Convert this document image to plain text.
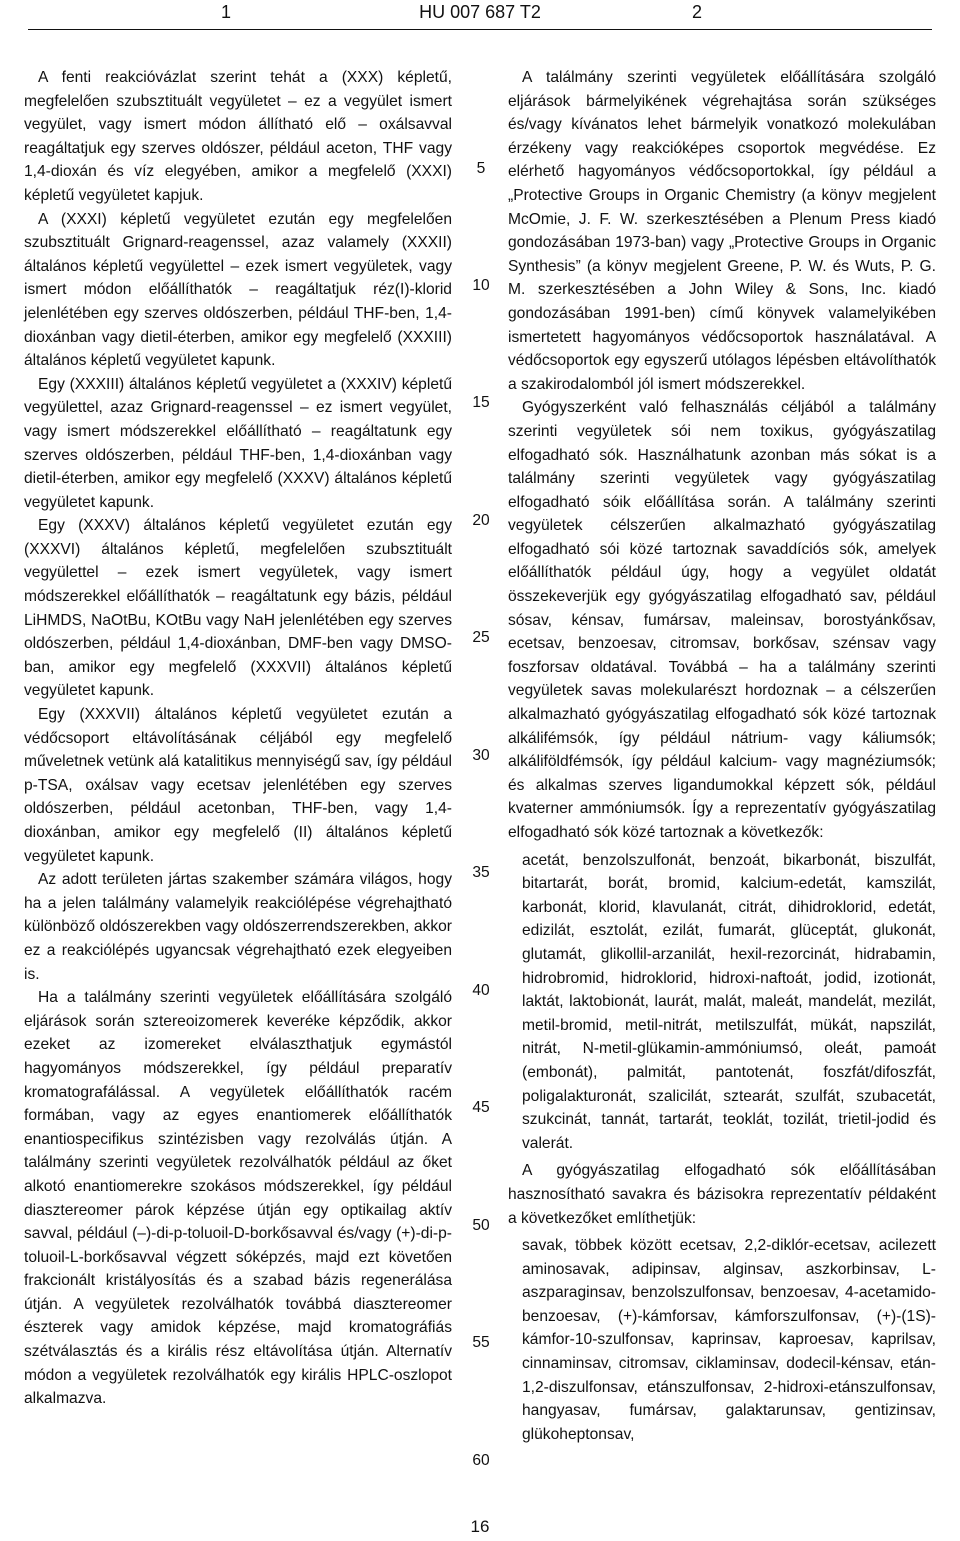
1	HU 007 687 T2	2

A fenti reakcióvázlat szerint tehát a (XXX) képletű, megfelelően szubsztituált vegyületet – ez a vegyület ismert vegyület, vagy ismert módon állítható elő – oxálsavval reagáltatjuk egy szerves oldószer, például aceton, THF vagy 1,4-dioxán és víz elegyében, amikor a megfelelő (XXXI) képletű vegyületet kapjuk.

A (XXXI) képletű vegyületet ezután egy megfelelően szubsztituált Grignard-reagenssel, azaz valamely (XXXII) általános képletű vegyülettel – ezek ismert vegyületek, vagy ismert módon előállíthatók – reagáltatjuk réz(I)-klorid jelenlétében egy szerves oldószerben, például THF-ben, 1,4-dioxánban vagy dietil-éterben, amikor egy megfelelő (XXXIII) általános képletű vegyületet kapunk.

Egy (XXXIII) általános képletű vegyületet a (XXXIV) képletű vegyülettel, azaz Grignard-reagenssel – ez ismert vegyület, vagy ismert módszerekkel előállítható – reagáltatunk egy szerves oldószerben, például THF-ben, 1,4-dioxánban vagy dietil-éterben, amikor egy megfelelő (XXXV) általános képletű vegyületet kapunk.

Egy (XXXV) általános képletű vegyületet ezután egy (XXXVI) általános képletű, megfelelően szubsztituált vegyülettel – ezek ismert vegyületek, vagy ismert módszerekkel előállíthatók – reagáltatunk egy bázis, például LiHMDS, NaOtBu, KOtBu vagy NaH jelenlétében egy szerves oldószerben, például 1,4-dioxánban, DMF-ben vagy DMSO-ban, amikor egy megfelelő (XXXVII) általános képletű vegyületet kapunk.

Egy (XXXVII) általános képletű vegyületet ezután a védőcsoport eltávolításának céljából egy megfelelő műveletnek vetünk alá katalitikus mennyiségű sav, így például p-TSA, oxálsav vagy ecetsav jelenlétében egy szerves oldószerben, például acetonban, THF-ben, vagy 1,4-dioxánban, amikor egy megfelelő (II) általános képletű vegyületet kapunk.

Az adott területen jártas szakember számára világos, hogy ha a jelen találmány valamelyik reakciólépése végrehajtható különböző oldószerekben vagy oldószerrendszerekben, akkor ez a reakciólépés ugyancsak végrehajtható ezek elegyeiben is.

Ha a találmány szerinti vegyületek előállítására szolgáló eljárások során sztereoizomerek keveréke képződik, akkor ezeket az izomereket elválaszthatjuk egymástól hagyományos módszerekkel, így például preparatív kromatografálással. A vegyületek előállíthatók racém formában, vagy az egyes enantiomerek előállíthatók enantiospecifikus szintézisben vagy rezolválás útján. A találmány szerinti vegyületek rezolválhatók például az őket alkotó enantiomerekre szokásos módszerekkel, így például diasztereomer párok képzése útján egy optikailag aktív savval, például (–)-di-p-toluoil-D-borkősavval és/vagy (+)-di-p-toluoil-L-borkősavval végzett sóképzés, majd ezt követően frakcionált kristályosítás és a szabad bázis regenerálása útján. A vegyületek rezolválhatók továbbá diasztereomer észterek vagy amidok képzése, majd kromatográfiás szétválasztás és a királis rész eltávolítása útján. Alternatív módon a vegyületek rezolválhatók egy királis HPLC-oszlopot alkalmazva.

5
10
15
20
25
30
35
40
45
50
55
60

A találmány szerinti vegyületek előállítására szolgáló eljárások bármelyikének végrehajtása során szükséges és/vagy kívánatos lehet bármelyik vonatkozó molekulában érzékeny vagy reakcióképes csoportok megvédése. Ez elérhető hagyományos védőcsoportokkal, így például a „Protective Groups in Organic Chemistry (a könyv megjelent McOmie, J. F. W. szerkesztésében a Plenum Press kiadó gondozásában 1973-ban) vagy „Protective Groups in Organic Synthesis” (a könyv megjelent Greene, P. W. és Wuts, P. G. M. szerkesztésében a John Wiley & Sons, Inc. kiadó gondozásában 1991-ben) című könyvek valamelyikében ismertetett hagyományos védőcsoportok használatával. A védőcsoportok egy egyszerű utólagos lépésben eltávolíthatók a szakirodalomból jól ismert módszerekkel.

Gyógyszerként való felhasználás céljából a találmány szerinti vegyületek sói nem toxikus, gyógyászatilag elfogadható sók. Használhatunk azonban más sókat is a találmány szerinti vegyületek vagy gyógyászatilag elfogadható sóik előállítása során. A találmány szerinti vegyületek célszerűen alkalmazható gyógyászatilag elfogadható sói közé tartoznak savaddíciós sók, amelyek előállíthatók például úgy, hogy a vegyület oldatát összekeverjük egy gyógyászatilag elfogadható sav, például sósav, kénsav, fumársav, maleinsav, borostyánkősav, ecetsav, benzoesav, citromsav, borkősav, szénsav vagy foszforsav oldatával. Továbbá – ha a találmány szerinti vegyületek savas molekularészt hordoznak – a célszerűen alkalmazható gyógyászatilag elfogadható sók közé tartoznak alkálifémsók, így például nátrium- vagy káliumsók; alkáliföldfémsók, így például kalcium- vagy magnéziumsók; és alkalmas szerves ligandumokkal képzett sók, például kvaterner ammóniumsók. Így a reprezentatív gyógyászatilag elfogadható sók közé tartoznak a következők:

acetát, benzolszulfonát, benzoát, bikarbonát, biszulfát, bitartarát, borát, bromid, kalcium-edetát, kamszilát, karbonát, klorid, klavulanát, citrát, dihidroklorid, edetát, edizilát, esztolát, ezilát, fumarát, glüceptát, glukonát, glutamát, glikollil-arzanilát, hexil-rezorcinát, hidrabamin, hidrobromid, hidroklorid, hidroxi-naftoát, jodid, izotionát, laktát, laktobionát, laurát, malát, maleát, mandelát, mezilát, metil-bromid, metil-nitrát, metilszulfát, mükát, napszilát, nitrát, N-metil-glükamin-ammóniumsó, oleát, pamoát (embonát), palmitát, pantotenát, foszfát/difoszfát, poligalakturonát, szalicilát, sztearát, szulfát, szubacetát, szukcinát, tannát, tartarát, teoklát, tozilát, trietil-jodid és valerát.

A gyógyászatilag elfogadható sók előállításában hasznosítható savakra és bázisokra reprezentatív példaként a következőket említhetjük:

savak, többek között ecetsav, 2,2-diklór-ecetsav, acilezett aminosavak, adipinsav, alginsav, aszkorbinsav, L-aszparaginsav, benzolszulfonsav, benzoesav, 4-acetamido-benzoesav, (+)-kámforsav, kámforszulfonsav, (+)-(1S)-kámfor-10-szulfonsav, kaprinsav, kaproesav, kaprilsav, cinnaminsav, citromsav, ciklaminsav, dodecil-kénsav, etán-1,2-diszulfonsav, etánszulfonsav, 2-hidroxi-etánszulfonsav, hangyasav, fumársav, galaktarunsav, gentizinsav, glükoheptonsav,

16
